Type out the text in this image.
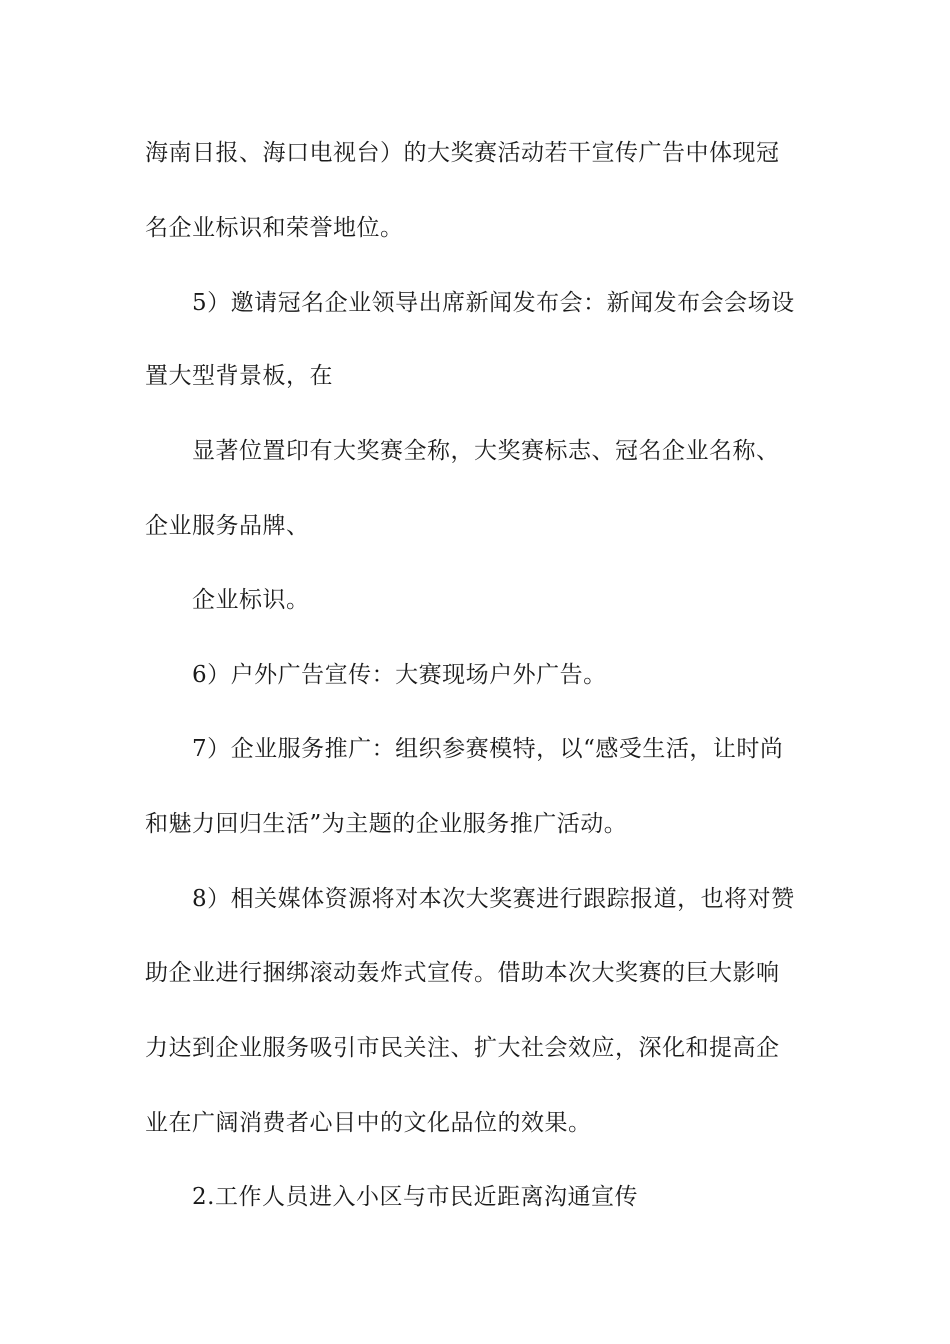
海南日报、海口电视台）的大奖赛活动若干宣传广告中体现冠
名企业标识和荣誉地位。
5）邀请冠名企业领导出席新闻发布会：新闻发布会会场设
置大型背景板，在
显著位置印有大奖赛全称，大奖赛标志、冠名企业名称、
企业服务品牌、
企业标识。
6）户外广告宣传：大赛现场户外广告。
7）企业服务推广：组织参赛模特，以“感受生活，让时尚
和魅力回归生活”为主题的企业服务推广活动。
8）相关媒体资源将对本次大奖赛进行跟踪报道，也将对赞
助企业进行捆绑滚动轰炸式宣传。借助本次大奖赛的巨大影响
力达到企业服务吸引市民关注、扩大社会效应，深化和提高企
业在广阔消费者心目中的文化品位的效果。
2.工作人员进入小区与市民近距离沟通宣传
